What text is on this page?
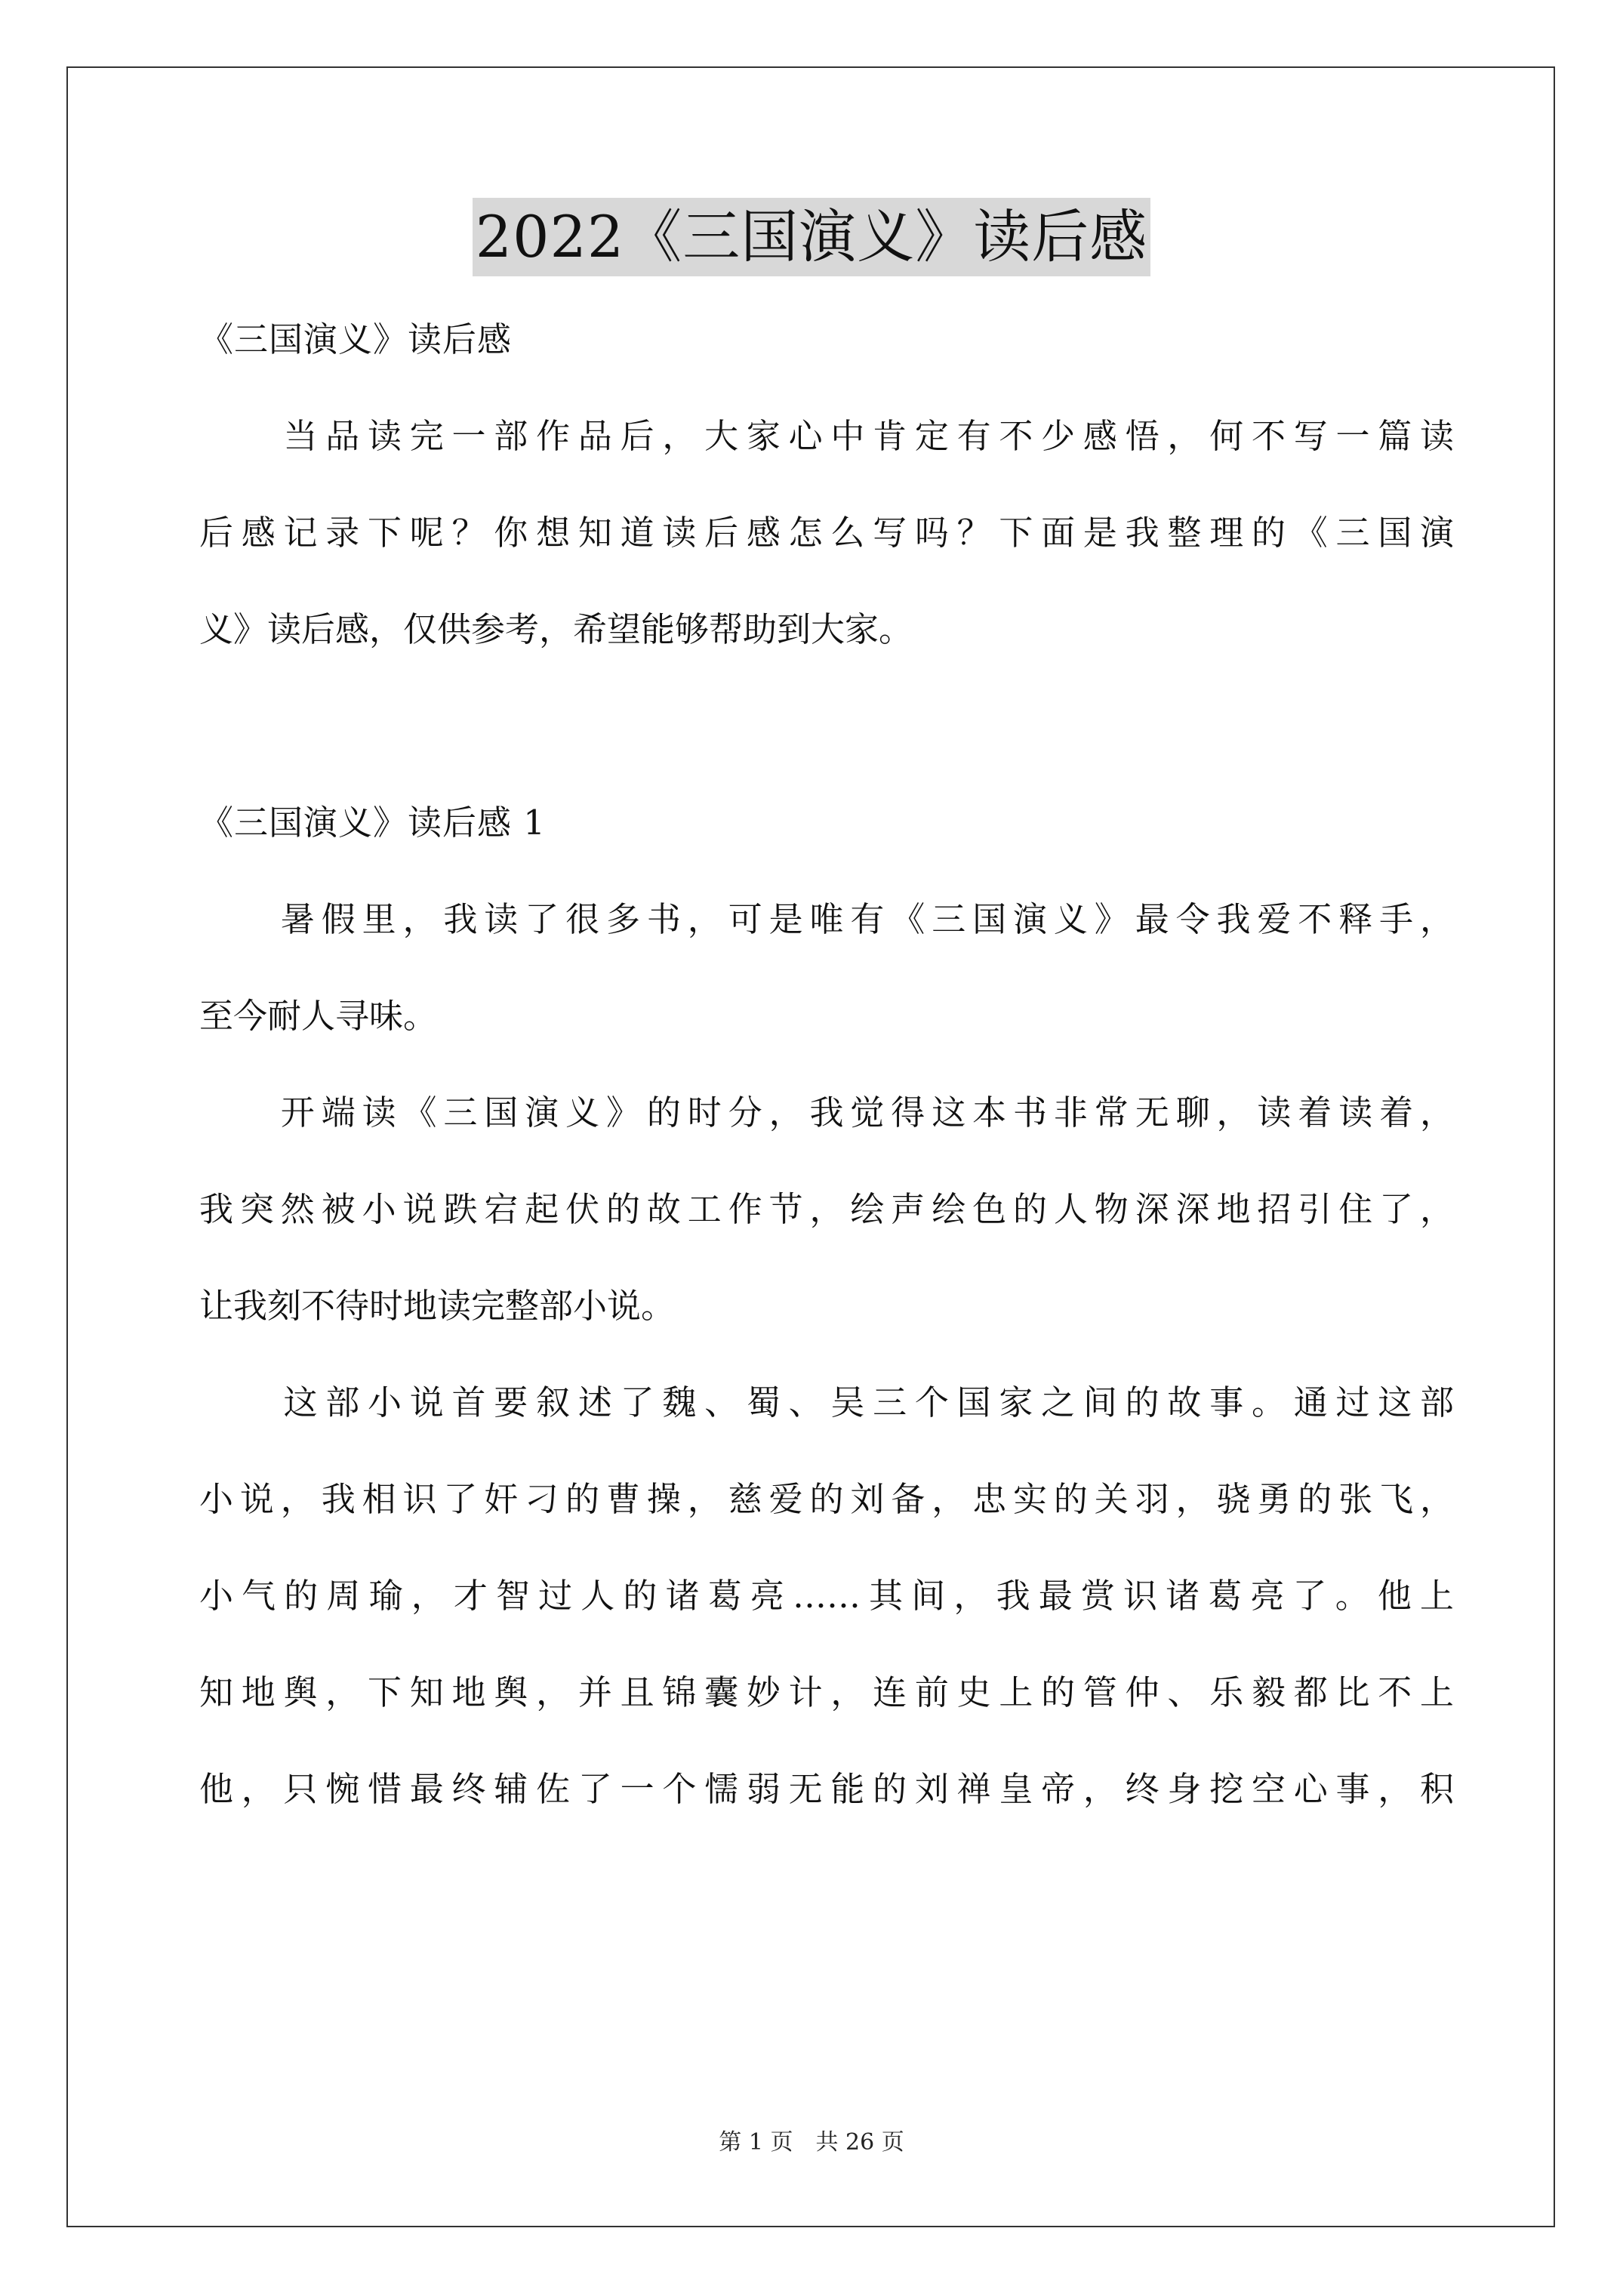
2022《三国演义》读后感
《三国演义》读后感
　　当品读完一部作品后，大家心中肯定有不少感悟，何不写一篇读
后感记录下呢？你想知道读后感怎么写吗？下面是我整理的《三国演
义》读后感，仅供参考，希望能够帮助到大家。
《三国演义》读后感 1
　　暑假里，我读了很多书，可是唯有《三国演义》最令我爱不释手，
至今耐人寻味。
　　开端读《三国演义》的时分，我觉得这本书非常无聊，读着读着，
我突然被小说跌宕起伏的故工作节，绘声绘色的人物深深地招引住了，
让我刻不待时地读完整部小说。
　　这部小说首要叙述了魏、蜀、吴三个国家之间的故事。通过这部
小说，我相识了奸刁的曹操，慈爱的刘备，忠实的关羽，骁勇的张飞，
小气的周瑜，才智过人的诸葛亮……其间，我最赏识诸葛亮了。他上
知地舆，下知地舆，并且锦囊妙计，连前史上的管仲、乐毅都比不上
他，只惋惜最终辅佐了一个懦弱无能的刘禅皇帝，终身挖空心事，积
第 1 页　共 26 页
